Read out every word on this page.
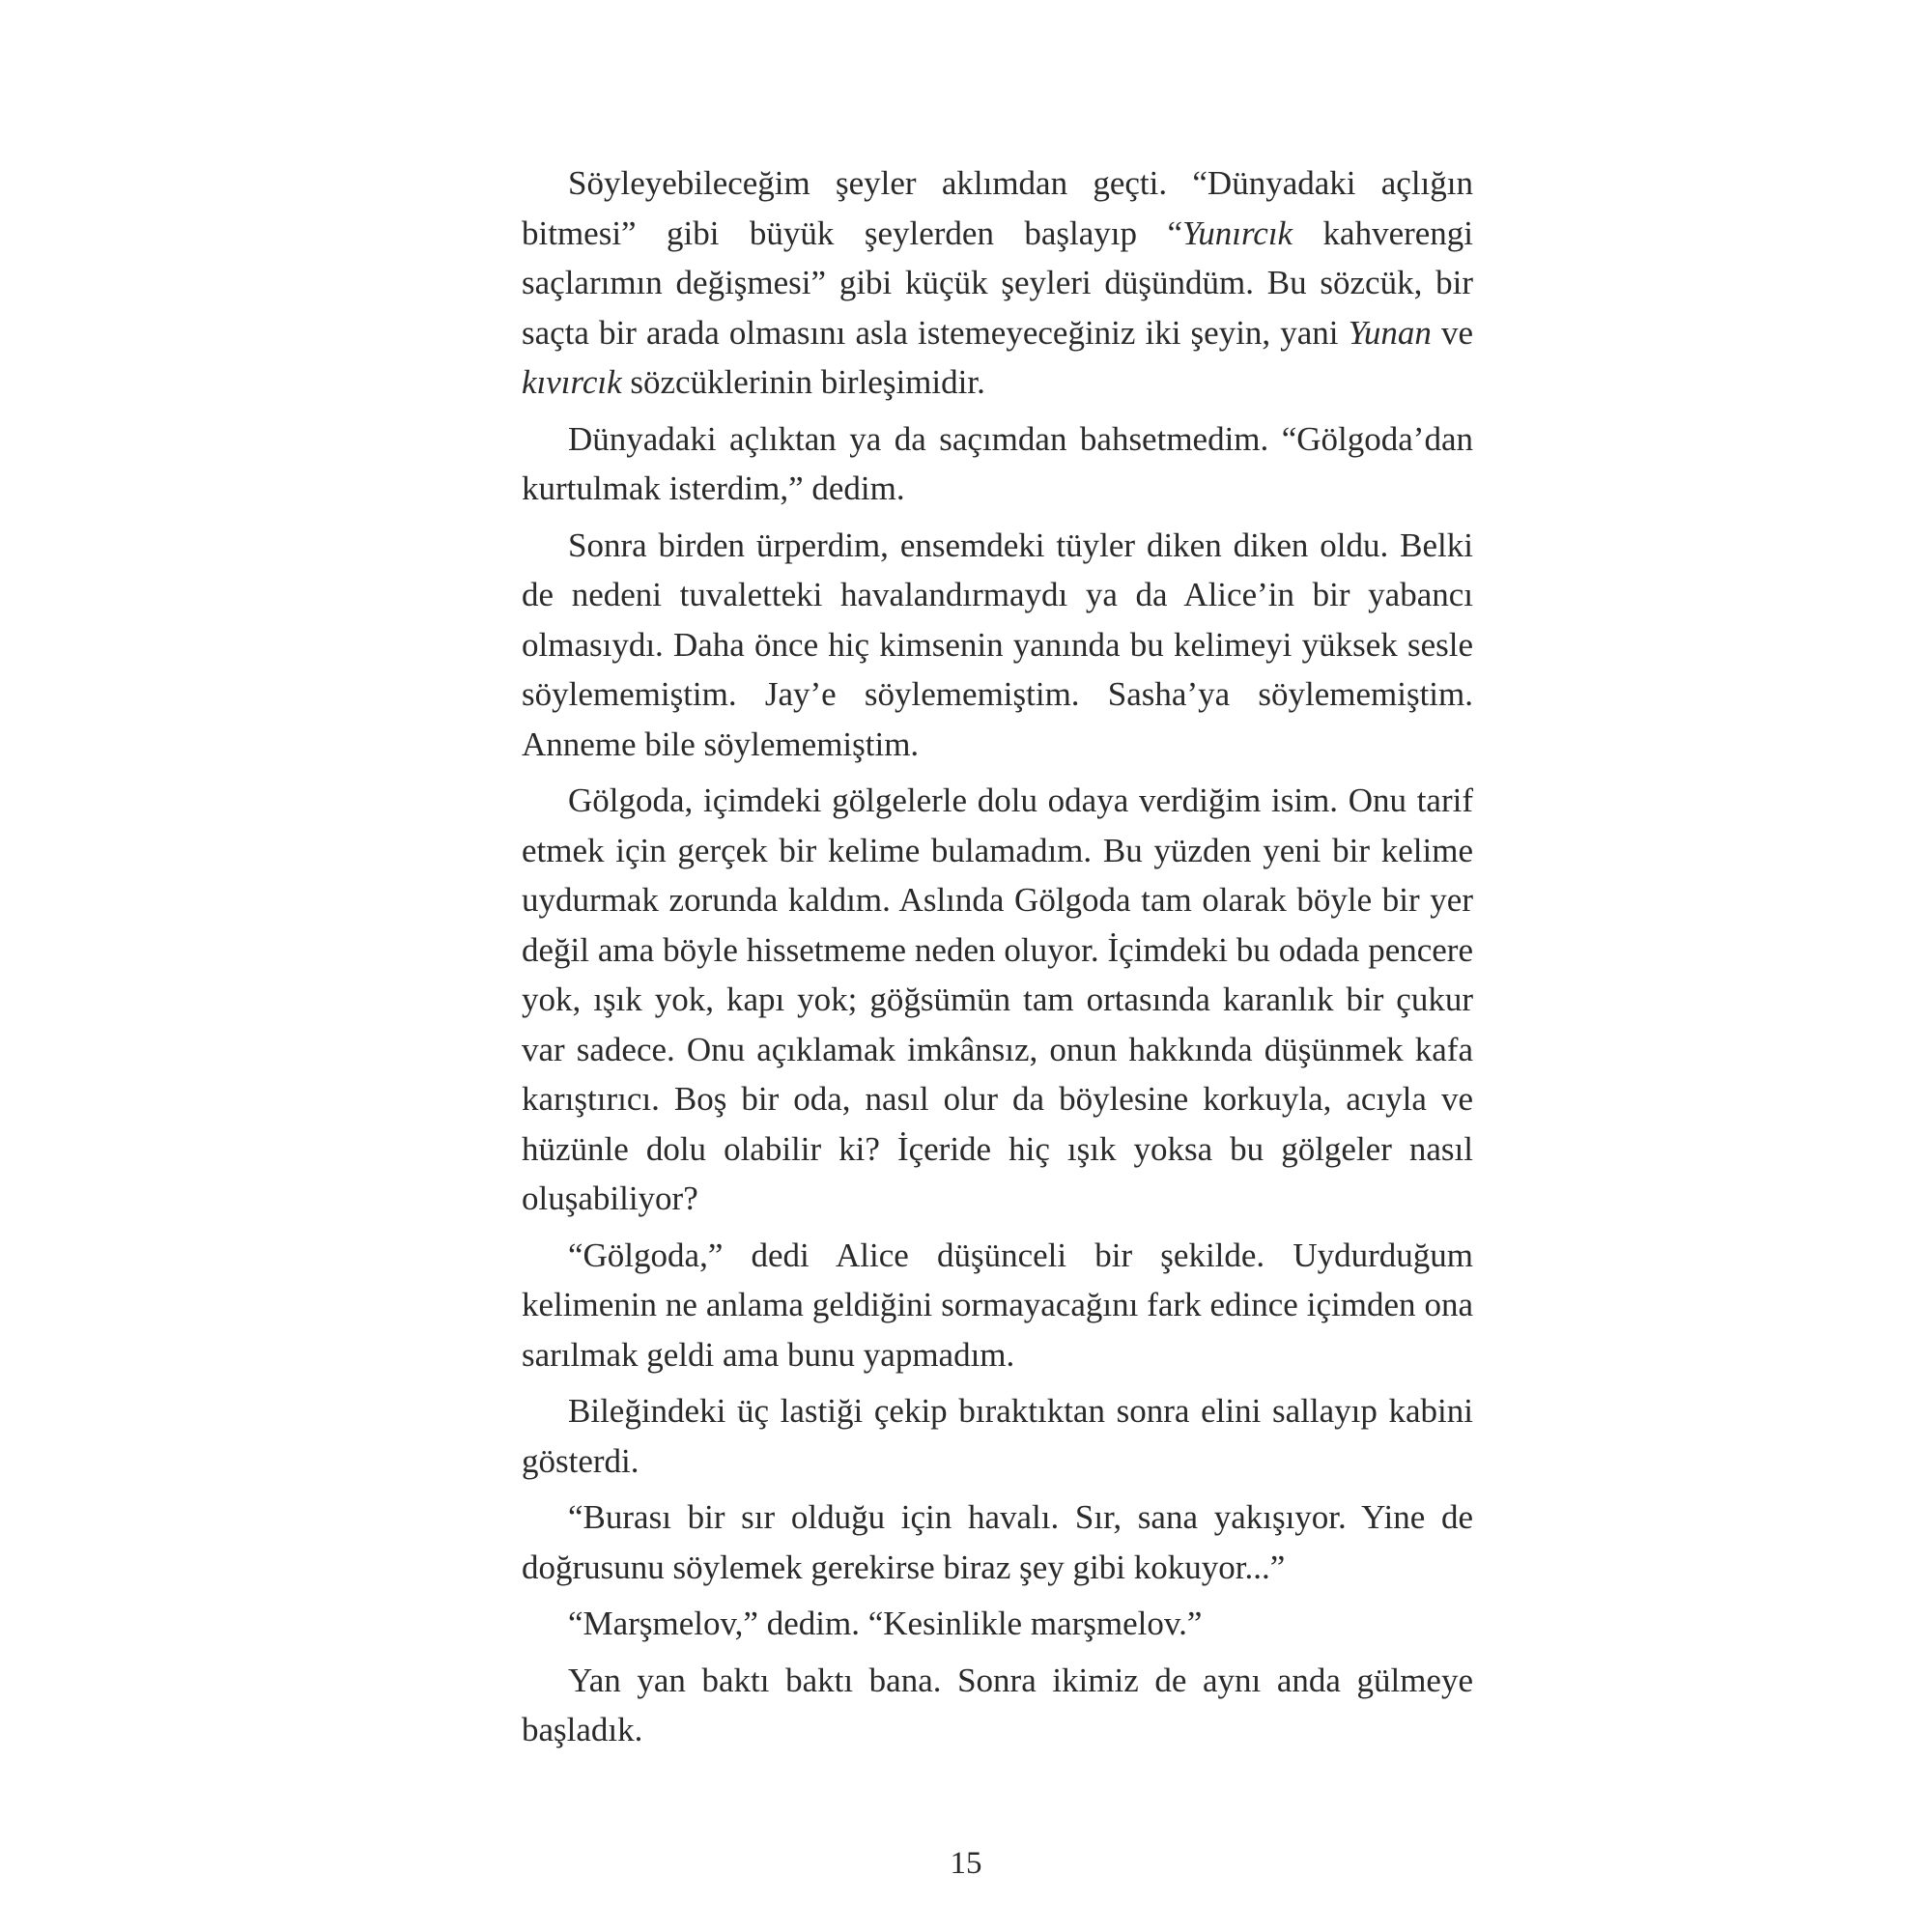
Söyleyebileceğim şeyler aklımdan geçti. “Dünyadaki açlığın bitmesi” gibi büyük şeylerden başlayıp “Yunırcık kahverengi saçlarımın değişmesi” gibi küçük şeyleri düşündüm. Bu sözcük, bir saçta bir arada olmasını asla istemeyeceğiniz iki şeyin, yani Yunan ve kıvırcık sözcüklerinin birleşimidir.

Dünyadaki açlıktan ya da saçımdan bahsetmedim. “Gölgoda’dan kurtulmak isterdim,” dedim.

Sonra birden ürperdim, ensemdeki tüyler diken diken oldu. Belki de nedeni tuvaletteki havalandırmaydı ya da Alice’in bir yabancı olmasıydı. Daha önce hiç kimsenin yanında bu kelimeyi yüksek sesle söylememiştim. Jay’e söylememiştim. Sasha’ya söylememiştim. Anneme bile söylememiştim.

Gölgoda, içimdeki gölgelerle dolu odaya verdiğim isim. Onu tarif etmek için gerçek bir kelime bulamadım. Bu yüzden yeni bir kelime uydurmak zorunda kaldım. Aslında Gölgoda tam olarak böyle bir yer değil ama böyle hissetmeme neden oluyor. İçimdeki bu odada pencere yok, ışık yok, kapı yok; göğsümün tam ortasında karanlık bir çukur var sadece. Onu açıklamak imkânsız, onun hakkında düşünmek kafa karıştırıcı. Boş bir oda, nasıl olur da böylesine korkuyla, acıyla ve hüzünle dolu olabilir ki? İçeride hiç ışık yoksa bu gölgeler nasıl oluşabiliyor?

“Gölgoda,” dedi Alice düşünceli bir şekilde. Uydurduğum kelimenin ne anlama geldiğini sormayacağını fark edince içimden ona sarılmak geldi ama bunu yapmadım.

Bileğindeki üç lastiği çekip bıraktıktan sonra elini sallayıp kabini gösterdi.

“Burası bir sır olduğu için havalı. Sır, sana yakışıyor. Yine de doğrusunu söylemek gerekirse biraz şey gibi kokuyor...”

“Marşmelov,” dedim. “Kesinlikle marşmelov.”

Yan yan baktı baktı bana. Sonra ikimiz de aynı anda gülmeye başladık.

15
